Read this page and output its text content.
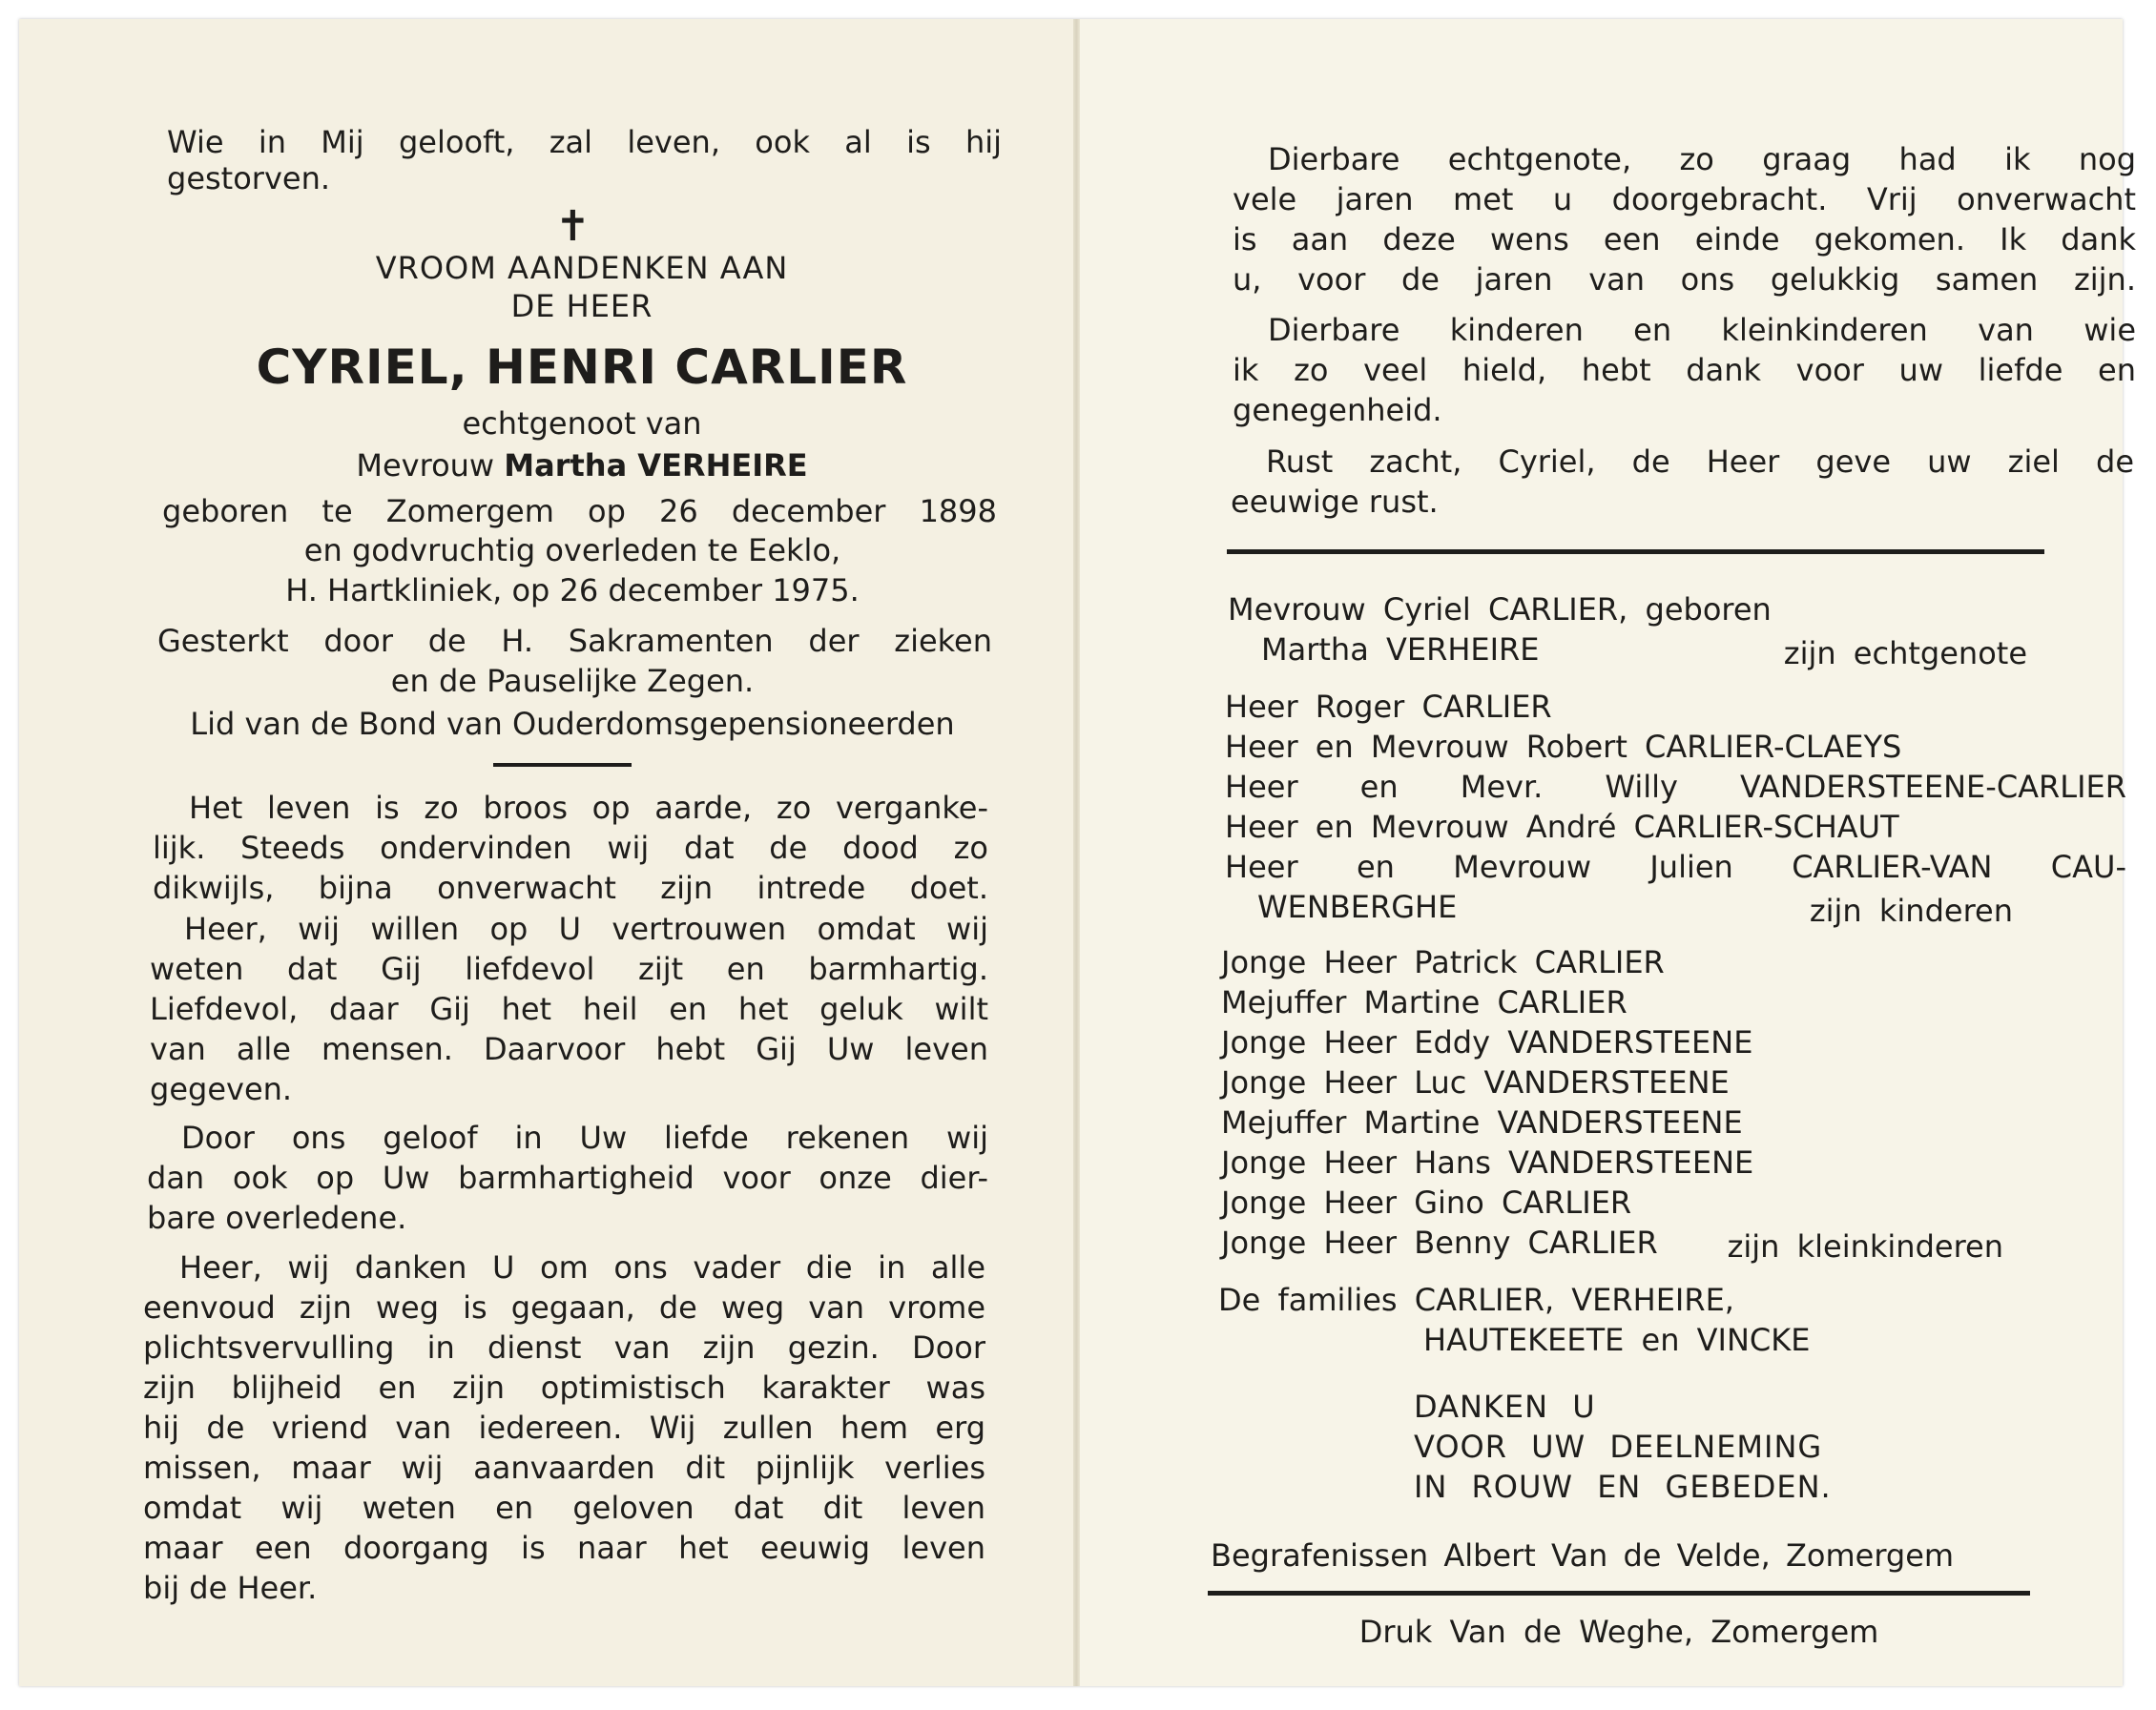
Wie in Mij gelooft, zal leven, ook al is hij
gestorven.
✝
VROOM AANDENKEN AAN
DE HEER
CYRIEL, HENRI CARLIER
echtgenoot van
Mevrouw Martha VERHEIRE
geboren te Zomergem op 26 december 1898
en godvruchtig overleden te Eeklo,
H. Hartkliniek, op 26 december 1975.
Gesterkt door de H. Sakramenten der zieken
en de Pauselijke Zegen.
Lid van de Bond van Ouderdomsgepensioneerden
Het leven is zo broos op aarde, zo verganke-
lijk. Steeds ondervinden wij dat de dood zo
dikwijls, bijna onverwacht zijn intrede doet.
Heer, wij willen op U vertrouwen omdat wij
weten dat Gij liefdevol zijt en barmhartig.
Liefdevol, daar Gij het heil en het geluk wilt
van alle mensen. Daarvoor hebt Gij Uw leven
gegeven.
Door ons geloof in Uw liefde rekenen wij
dan ook op Uw barmhartigheid voor onze dier-
bare overledene.
Heer, wij danken U om ons vader die in alle
eenvoud zijn weg is gegaan, de weg van vrome
plichtsvervulling in dienst van zijn gezin. Door
zijn blijheid en zijn optimistisch karakter was
hij de vriend van iedereen. Wij zullen hem erg
missen, maar wij aanvaarden dit pijnlijk verlies
omdat wij weten en geloven dat dit leven
maar een doorgang is naar het eeuwig leven
bij de Heer.
Dierbare echtgenote, zo graag had ik nog
vele jaren met u doorgebracht. Vrij onverwacht
is aan deze wens een einde gekomen. Ik dank
u, voor de jaren van ons gelukkig samen zijn.
Dierbare kinderen en kleinkinderen van wie
ik zo veel hield, hebt dank voor uw liefde en
genegenheid.
Rust zacht, Cyriel, de Heer geve uw ziel de
eeuwige rust.
Mevrouw Cyriel CARLIER, geboren
Martha VERHEIRE	zijn echtgenote
Heer Roger CARLIER
Heer en Mevrouw Robert CARLIER-CLAEYS
Heer en Mevr. Willy VANDERSTEENE-CARLIER
Heer en Mevrouw André CARLIER-SCHAUT
Heer en Mevrouw Julien CARLIER-VAN CAU-
WENBERGHE	zijn kinderen
Jonge Heer Patrick CARLIER
Mejuffer Martine CARLIER
Jonge Heer Eddy VANDERSTEENE
Jonge Heer Luc VANDERSTEENE
Mejuffer Martine VANDERSTEENE
Jonge Heer Hans VANDERSTEENE
Jonge Heer Gino CARLIER
Jonge Heer Benny CARLIER zijn kleinkinderen
De families CARLIER, VERHEIRE,
HAUTEKEETE en VINCKE
DANKEN U
VOOR UW DEELNEMING
IN ROUW EN GEBEDEN.
Begrafenissen Albert Van de Velde, Zomergem
Druk Van de Weghe, Zomergem
